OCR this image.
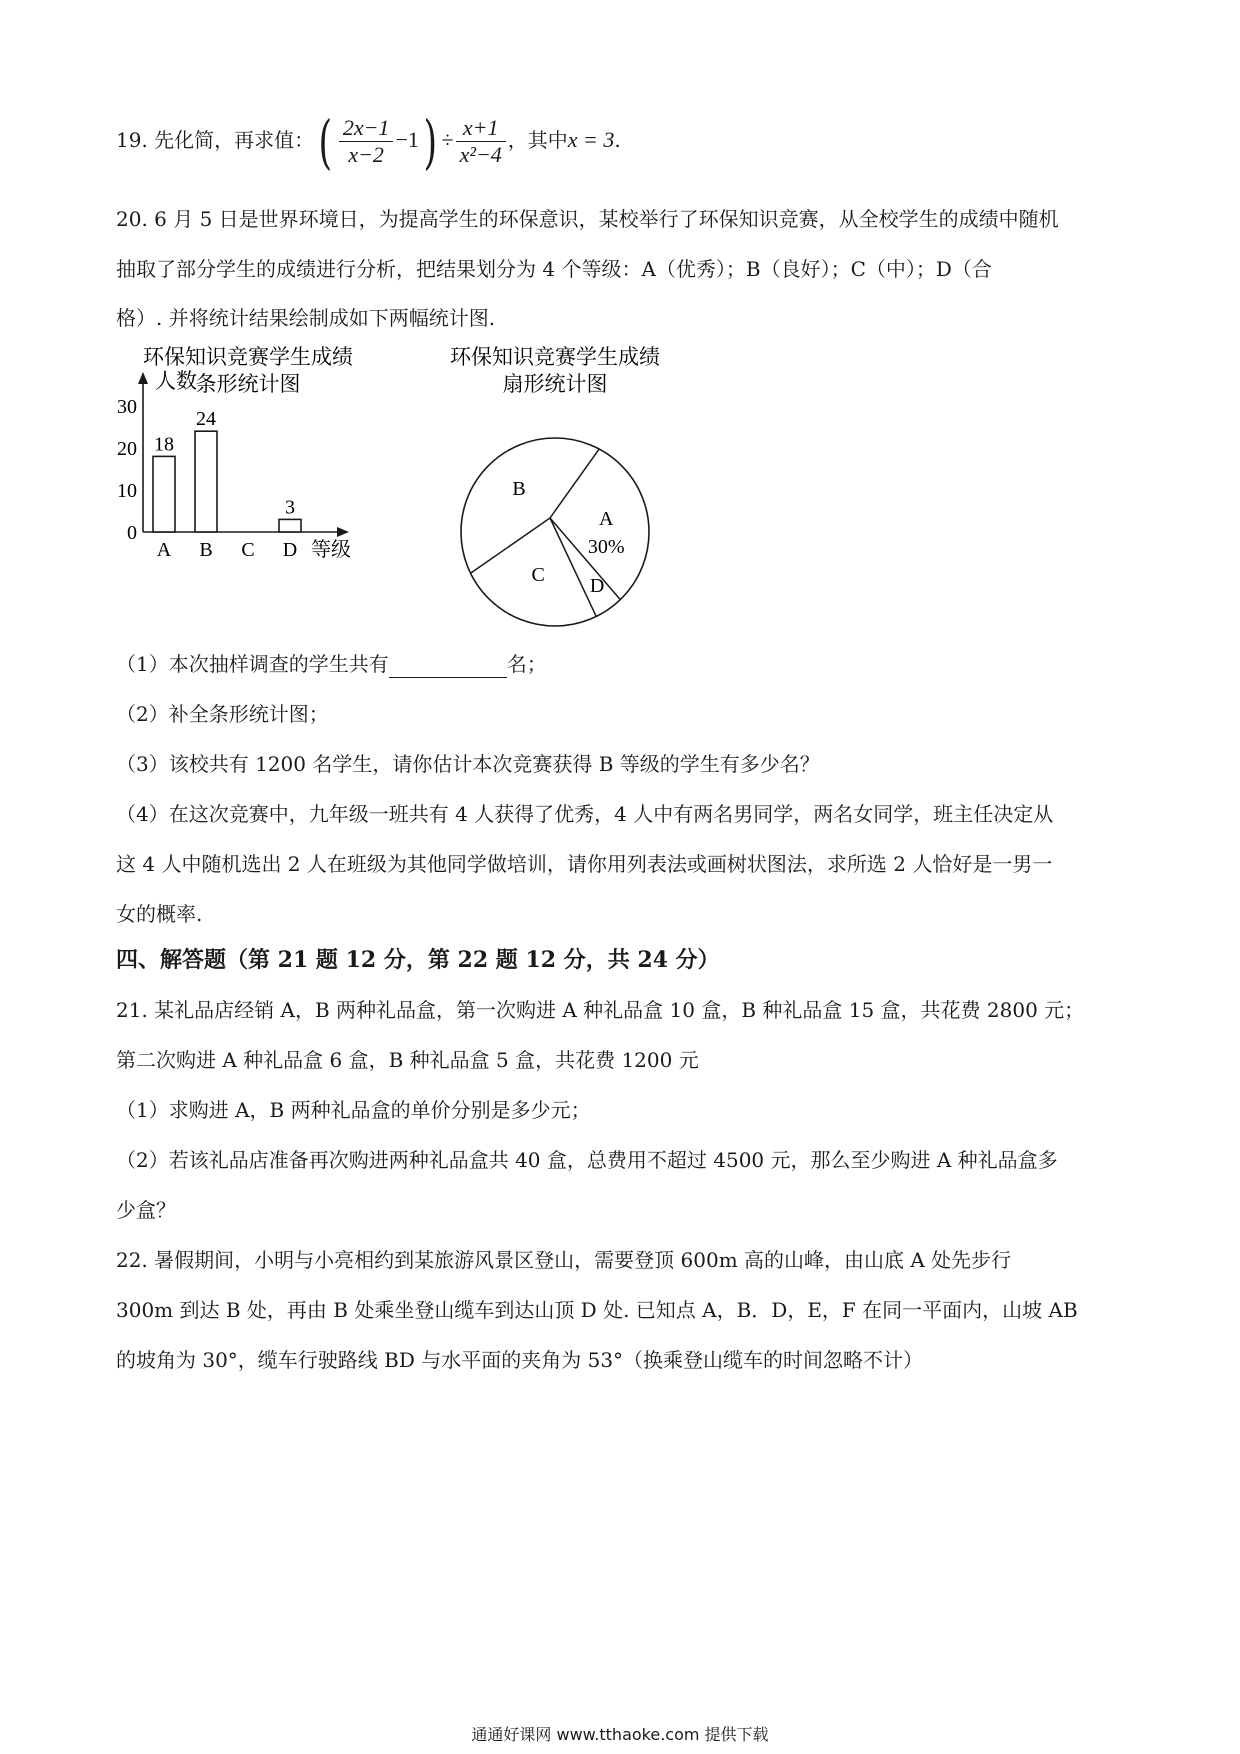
19. 先化简，再求值：( $\frac{2x-1}{x-2} -1) \div \frac{x+1}{\text{x²−4}}$ ，其中x = 3.
20. 6 月 5 日是世界环境日，为提高学生的环保意识，某校举行了环保知识竞赛，从全校学生的成绩中随机
抽取了部分学生的成绩进行分析，把结果划分为 4 个等级：A（优秀）；B（良好）；C（中）；D（合
格）. 并将统计结果绘制成如下两幅统计图.
环保知识竞赛学生成绩
条形统计图
人数
等级
0
10
20
30
A
18
B
24
C D
3
环保知识竞赛学生成绩
扇形统计图
A
30%
D
C
B
（1）本次抽样调查的学生共有	名；
（2）补全条形统计图；
（3）该校共有 1200 名学生，请你估计本次竞赛获得 B 等级的学生有多少名？
（4）在这次竞赛中，九年级一班共有 4 人获得了优秀，4 人中有两名男同学，两名女同学，班主任决定从
这 4 人中随机选出 2 人在班级为其他同学做培训，请你用列表法或画树状图法，求所选 2 人恰好是一男一
女的概率.
四、解答题（第 21 题 12 分，第 22 题 12 分，共 24 分）
21. 某礼品店经销 A，B 两种礼品盒，第一次购进 A 种礼品盒 10 盒，B 种礼品盒 15 盒，共花费 2800 元；
第二次购进 A 种礼品盒 6 盒，B 种礼品盒 5 盒，共花费 1200 元
（1）求购进 A，B 两种礼品盒的单价分别是多少元；
（2）若该礼品店准备再次购进两种礼品盒共 40 盒，总费用不超过 4500 元，那么至少购进 A 种礼品盒多
少盒？
22. 暑假期间，小明与小亮相约到某旅游风景区登山，需要登顶 600m 高的山峰，由山底 A 处先步行
300m 到达 B 处，再由 B 处乘坐登山缆车到达山顶 D 处. 已知点 A，B．D，E，F 在同一平面内，山坡 AB
的坡角为 30°，缆车行驶路线 BD 与水平面的夹角为 53°（换乘登山缆车的时间忽略不计）
通通好课网 www.tthaoke.com 提供下载
